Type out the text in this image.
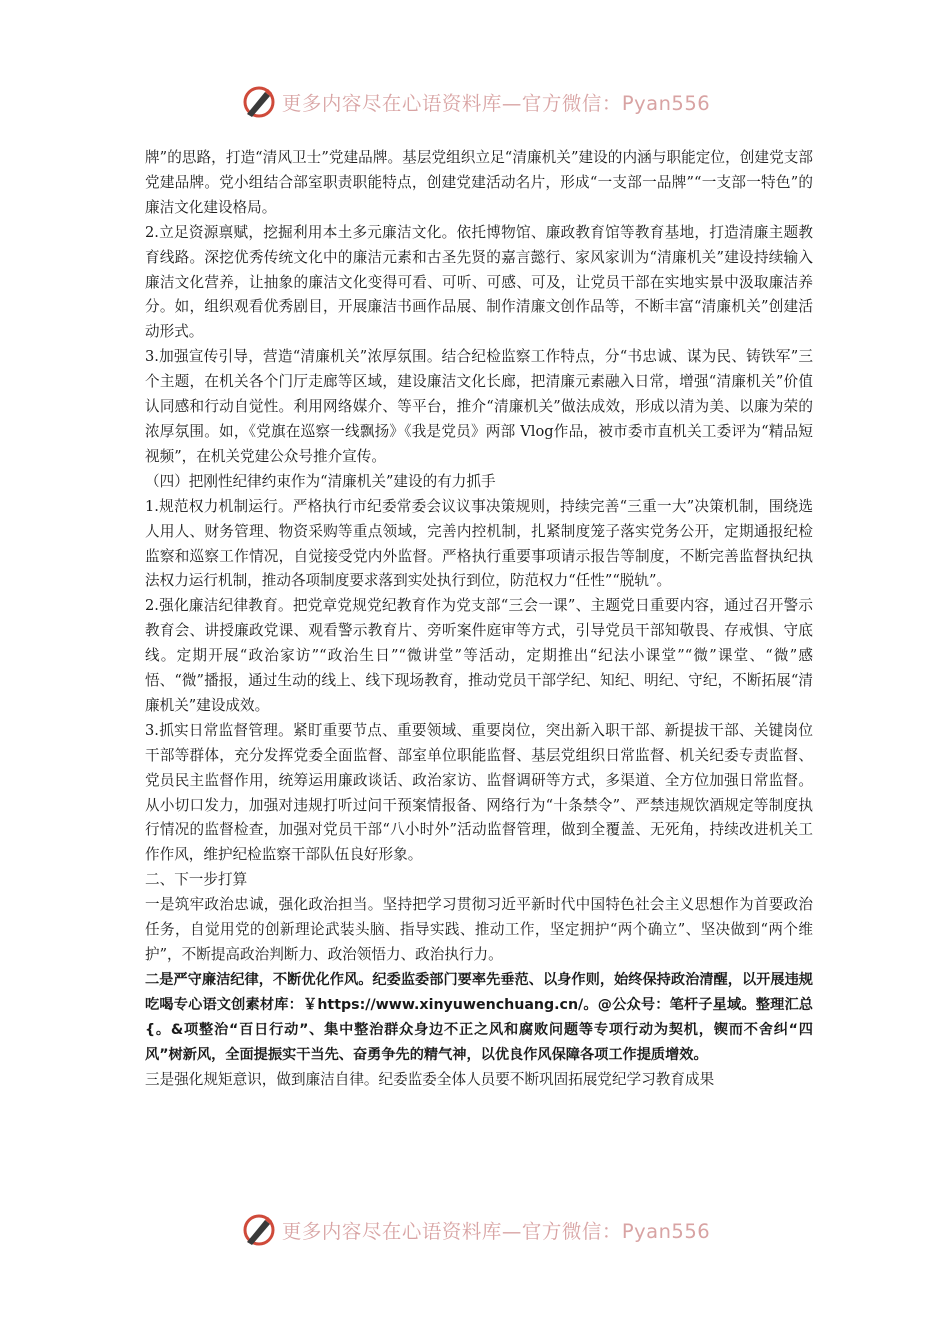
更多内容尽在心语资料库—官方微信：Pyan556

牌”的思路，打造“清风卫士”党建品牌。基层党组织立足“清廉机关”建设的内涵与职能定位，创建党支部党建品牌。党小组结合部室职责职能特点，创建党建活动名片，形成“一支部一品牌”“一支部一特色”的廉洁文化建设格局。

2.立足资源禀赋，挖掘利用本土多元廉洁文化。依托博物馆、廉政教育馆等教育基地，打造清廉主题教育线路。深挖优秀传统文化中的廉洁元素和古圣先贤的嘉言懿行、家风家训为“清廉机关”建设持续输入廉洁文化营养，让抽象的廉洁文化变得可看、可听、可感、可及，让党员干部在实地实景中汲取廉洁养分。如，组织观看优秀剧目，开展廉洁书画作品展、制作清廉文创作品等，不断丰富“清廉机关”创建活动形式。

3.加强宣传引导，营造“清廉机关”浓厚氛围。结合纪检监察工作特点，分“书忠诚、谋为民、铸铁军”三个主题，在机关各个门厅走廊等区域，建设廉洁文化长廊，把清廉元素融入日常，增强“清廉机关”价值认同感和行动自觉性。利用网络媒介、等平台，推介“清廉机关”做法成效，形成以清为美、以廉为荣的浓厚氛围。如，《党旗在巡察一线飘扬》《我是党员》两部 Vlog作品，被市委市直机关工委评为“精品短视频”，在机关党建公众号推介宣传。

（四）把刚性纪律约束作为“清廉机关”建设的有力抓手

1.规范权力机制运行。严格执行市纪委常委会议议事决策规则，持续完善“三重一大”决策机制，围绕选人用人、财务管理、物资采购等重点领域，完善内控机制，扎紧制度笼子落实党务公开，定期通报纪检监察和巡察工作情况，自觉接受党内外监督。严格执行重要事项请示报告等制度，不断完善监督执纪执法权力运行机制，推动各项制度要求落到实处执行到位，防范权力“任性”“脱轨”。

2.强化廉洁纪律教育。把党章党规党纪教育作为党支部“三会一课”、主题党日重要内容，通过召开警示教育会、讲授廉政党课、观看警示教育片、旁听案件庭审等方式，引导党员干部知敬畏、存戒惧、守底线。定期开展“政治家访”“政治生日”“微讲堂”等活动，定期推出“纪法小课堂”“微”课堂、“微”感悟、“微”播报，通过生动的线上、线下现场教育，推动党员干部学纪、知纪、明纪、守纪，不断拓展“清廉机关”建设成效。

3.抓实日常监督管理。紧盯重要节点、重要领域、重要岗位，突出新入职干部、新提拔干部、关键岗位干部等群体，充分发挥党委全面监督、部室单位职能监督、基层党组织日常监督、机关纪委专责监督、党员民主监督作用，统筹运用廉政谈话、政治家访、监督调研等方式，多渠道、全方位加强日常监督。从小切口发力，加强对违规打听过问干预案情报备、网络行为“十条禁令”、严禁违规饮酒规定等制度执行情况的监督检查，加强对党员干部“八小时外”活动监督管理，做到全覆盖、无死角，持续改进机关工作作风，维护纪检监察干部队伍良好形象。

二、下一步打算

一是筑牢政治忠诚，强化政治担当。坚持把学习贯彻习近平新时代中国特色社会主义思想作为首要政治任务，自觉用党的创新理论武装头脑、指导实践、推动工作，坚定拥护“两个确立”、坚决做到“两个维护”，不断提高政治判断力、政治领悟力、政治执行力。

二是严守廉洁纪律，不断优化作风。纪委监委部门要率先垂范、以身作则，始终保持政治清醒，以开展违规吃喝专心语文创素材库：￥https://www.xinyuwenchuang.cn/。@公众号：笔杆子星域。整理汇总{。&项整治“百日行动”、集中整治群众身边不正之风和腐败问题等专项行动为契机，锲而不舍纠“四风”树新风，全面提振实干当先、奋勇争先的精气神，以优良作风保障各项工作提质增效。

三是强化规矩意识，做到廉洁自律。纪委监委全体人员要不断巩固拓展党纪学习教育成果

更多内容尽在心语资料库—官方微信：Pyan556
